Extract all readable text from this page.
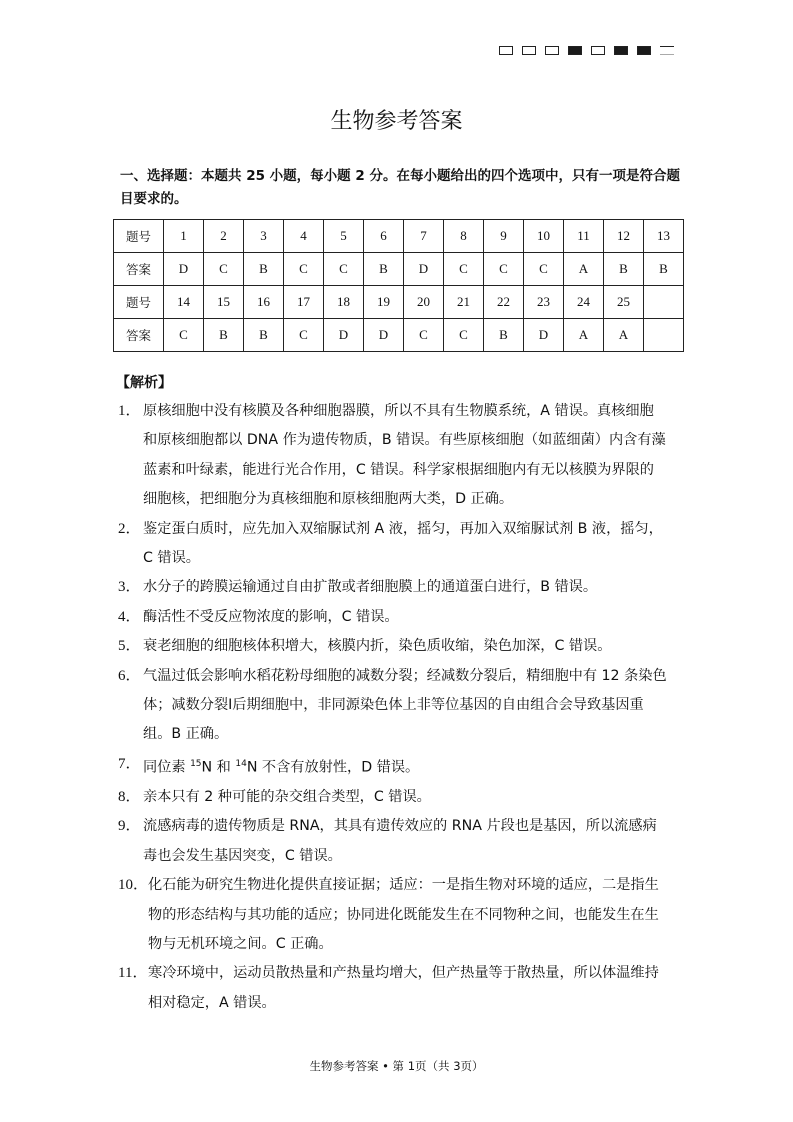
生物参考答案
一、选择题：本题共 25 小题，每小题 2 分。在每小题给出的四个选项中，只有一项是符合题目要求的。
题号	1	2	3	4	5	6	7	8	9	10	11	12	13
答案	D	C	B	C	C	B	D	C	C	C	A	B	B
题号	14	15	16	17	18	19	20	21	22	23	24	25	
答案	C	B	B	C	D	D	C	C	B	D	A	A	
【解析】
1． 原核细胞中没有核膜及各种细胞器膜，所以不具有生物膜系统，A 错误。真核细胞
和原核细胞都以 DNA 作为遗传物质，B 错误。有些原核细胞（如蓝细菌）内含有藻
蓝素和叶绿素，能进行光合作用，C 错误。科学家根据细胞内有无以核膜为界限的
细胞核，把细胞分为真核细胞和原核细胞两大类，D 正确。
2． 鉴定蛋白质时，应先加入双缩脲试剂 A 液，摇匀，再加入双缩脲试剂 B 液，摇匀，
C 错误。
3． 水分子的跨膜运输通过自由扩散或者细胞膜上的通道蛋白进行，B 错误。
4． 酶活性不受反应物浓度的影响，C 错误。
5． 衰老细胞的细胞核体积增大，核膜内折，染色质收缩，染色加深，C 错误。
6． 气温过低会影响水稻花粉母细胞的减数分裂；经减数分裂后，精细胞中有 12 条染色
体；减数分裂Ⅰ后期细胞中，非同源染色体上非等位基因的自由组合会导致基因重
组。B 正确。
7． 同位素 $^{15}$N 和 $^{14}$N 不含有放射性，D 错误。
8． 亲本只有 2 种可能的杂交组合类型，C 错误。
9． 流感病毒的遗传物质是 RNA，其具有遗传效应的 RNA 片段也是基因，所以流感病
毒也会发生基因突变，C 错误。
10． 化石能为研究生物进化提供直接证据；适应：一是指生物对环境的适应，二是指生
物的形态结构与其功能的适应；协同进化既能发生在不同物种之间，也能发生在生
物与无机环境之间。C 正确。
11． 寒冷环境中，运动员散热量和产热量均增大，但产热量等于散热量，所以体温维持
相对稳定，A 错误。
生物参考答案 • 第 1页（共 3页）
